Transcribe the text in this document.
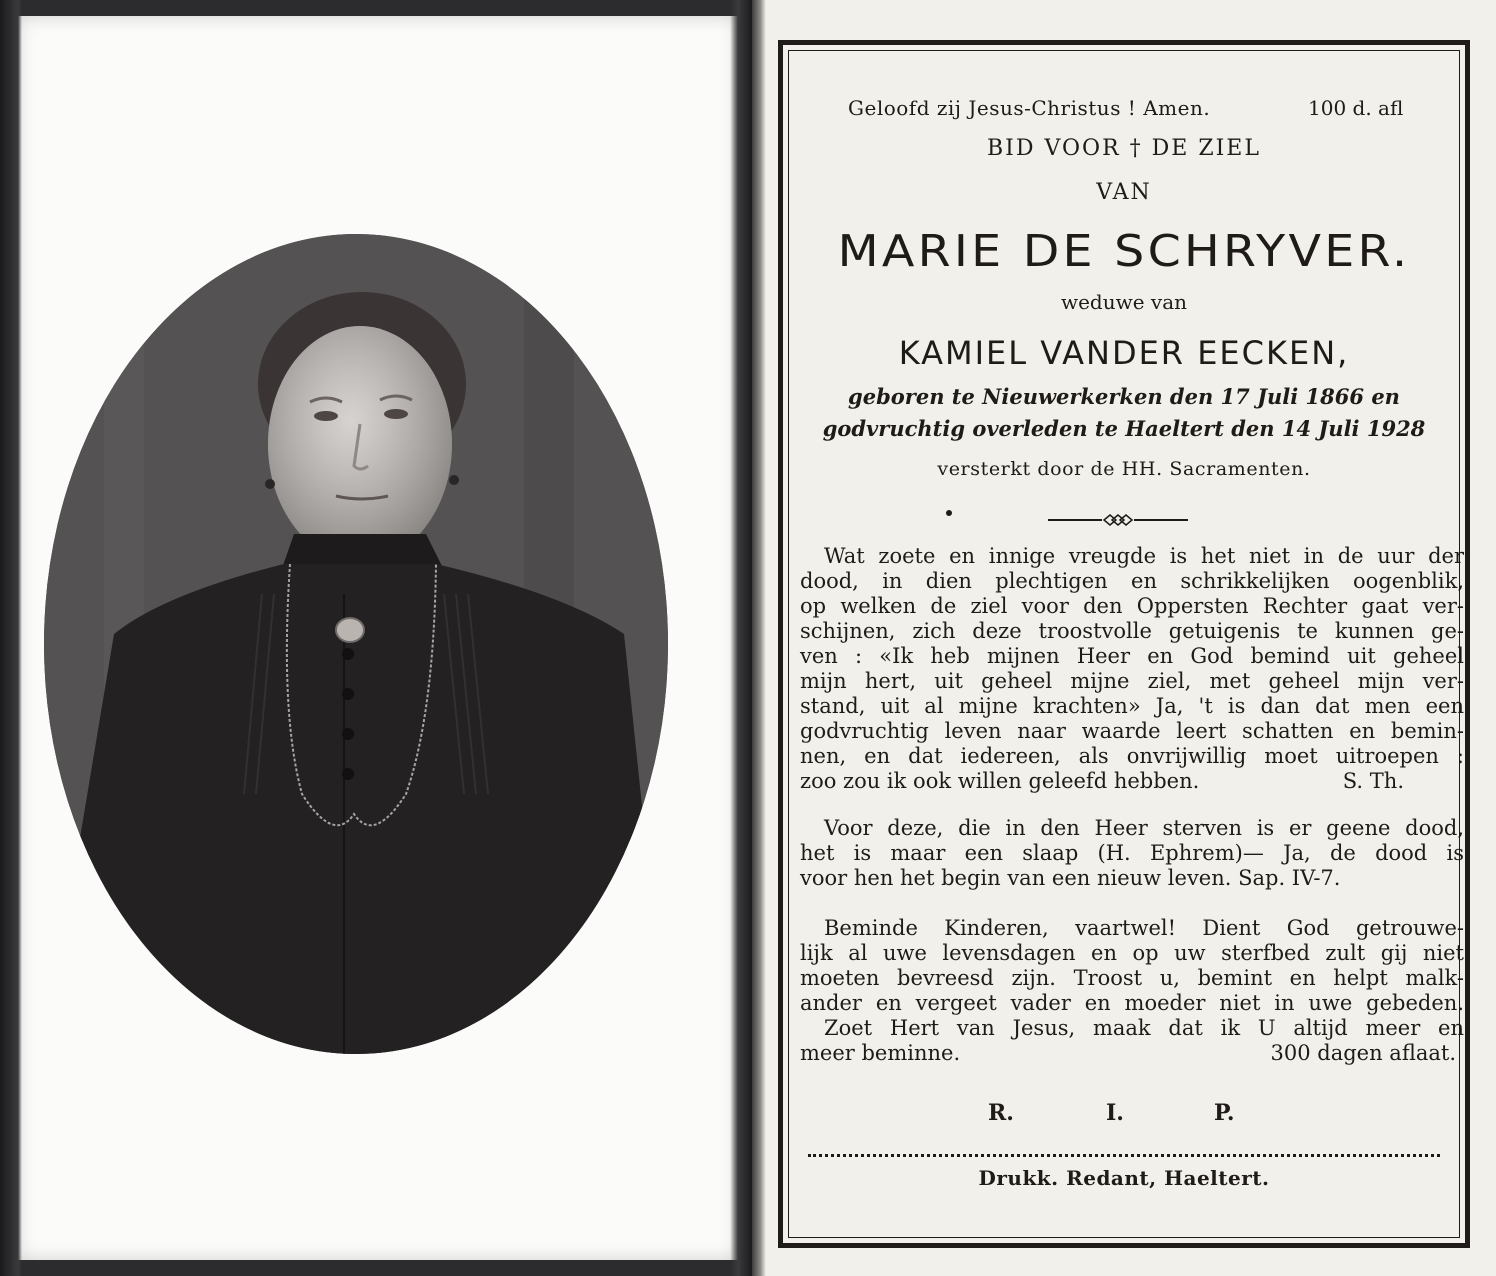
Geloofd zij Jesus-Christus ! Amen.	100 d. afl
BID VOOR † DE ZIEL
VAN
MARIE DE SCHRYVER.
weduwe van
KAMIEL VANDER EECKEN,
geboren te Nieuwerkerken den 17 Juli 1866 en
godvruchtig overleden te Haeltert den 14 Juli 1928
versterkt door de HH. Sacramenten.
Wat zoete en innige vreugde is het niet in de uur der
dood, in dien plechtigen en schrikkelijken oogenblik,
op welken de ziel voor den Oppersten Rechter gaat ver-
schijnen, zich deze troostvolle getuigenis te kunnen ge-
ven : «Ik heb mijnen Heer en God bemind uit geheel
mijn hert, uit geheel mijne ziel, met geheel mijn ver-
stand, uit al mijne krachten» Ja, 't is dan dat men een
godvruchtig leven naar waarde leert schatten en bemin-
nen, en dat iedereen, als onvrijwillig moet uitroepen :
zoo zou ik ook willen geleefd hebben.	S. Th.
Voor deze, die in den Heer sterven is er geene dood,
het is maar een slaap (H. Ephrem)— Ja, de dood is
voor hen het begin van een nieuw leven. Sap. IV-7.
Beminde Kinderen, vaartwel! Dient God getrouwe-
lijk al uwe levensdagen en op uw sterfbed zult gij niet
moeten bevreesd zijn. Troost u, bemint en helpt malk-
ander en vergeet vader en moeder niet in uwe gebeden.
Zoet Hert van Jesus, maak dat ik U altijd meer en
meer beminne.	300 dagen aflaat.
R.	I.	P.
Drukk. Redant, Haeltert.
